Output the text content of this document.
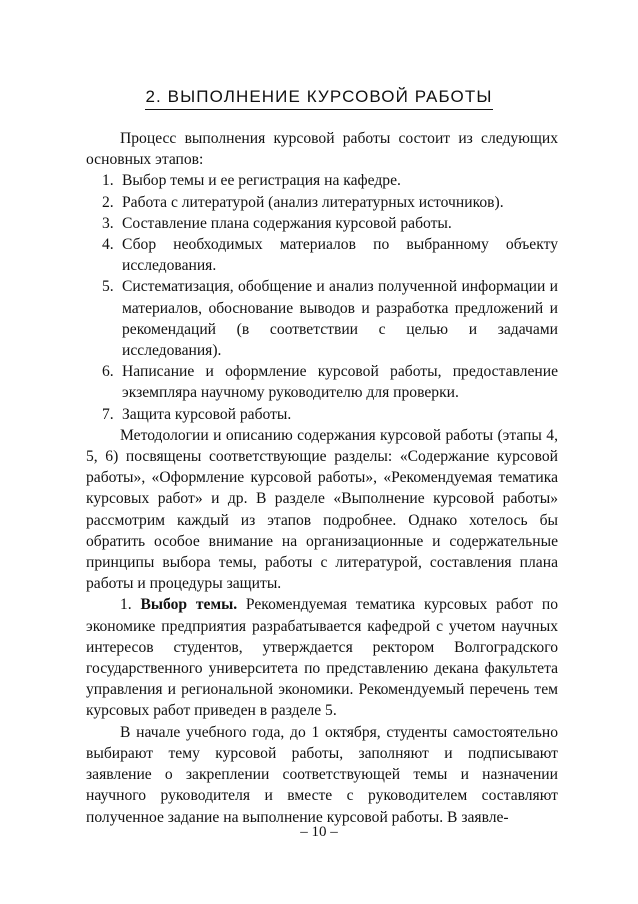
2. ВЫПОЛНЕНИЕ КУРСОВОЙ РАБОТЫ

Процесс выполнения курсовой работы состоит из следующих основных этапов:

1. Выбор темы и ее регистрация на кафедре.

2. Работа с литературой (анализ литературных источников).

3. Составление плана содержания курсовой работы.

4. Сбор необходимых материалов по выбранному объекту исследования.

5. Систематизация, обобщение и анализ полученной информации и материалов, обоснование выводов и разработка предложений и рекомендаций (в соответствии с целью и задачами исследования).

6. Написание и оформление курсовой работы, предоставление экземпляра научному руководителю для проверки.

7. Защита курсовой работы.

Методологии и описанию содержания курсовой работы (этапы 4, 5, 6) посвящены соответствующие разделы: «Содержание курсовой работы», «Оформление курсовой работы», «Рекомендуемая тематика курсовых работ» и др. В разделе «Выполнение курсовой работы» рассмотрим каждый из этапов подробнее. Однако хотелось бы обратить особое внимание на организационные и содержательные принципы выбора темы, работы с литературой, составления плана работы и процедуры защиты.

1. Выбор темы. Рекомендуемая тематика курсовых работ по экономике предприятия разрабатывается кафедрой с учетом научных интересов студентов, утверждается ректором Волгоградского государственного университета по представлению декана факультета управления и региональной экономики. Рекомендуемый перечень тем курсовых работ приведен в разделе 5.

В начале учебного года, до 1 октября, студенты самостоятельно выбирают тему курсовой работы, заполняют и подписывают заявление о закреплении соответствующей темы и назначении научного руководителя и вместе с руководителем составляют полученное задание на выполнение курсовой работы. В заявле-

– 10 –
